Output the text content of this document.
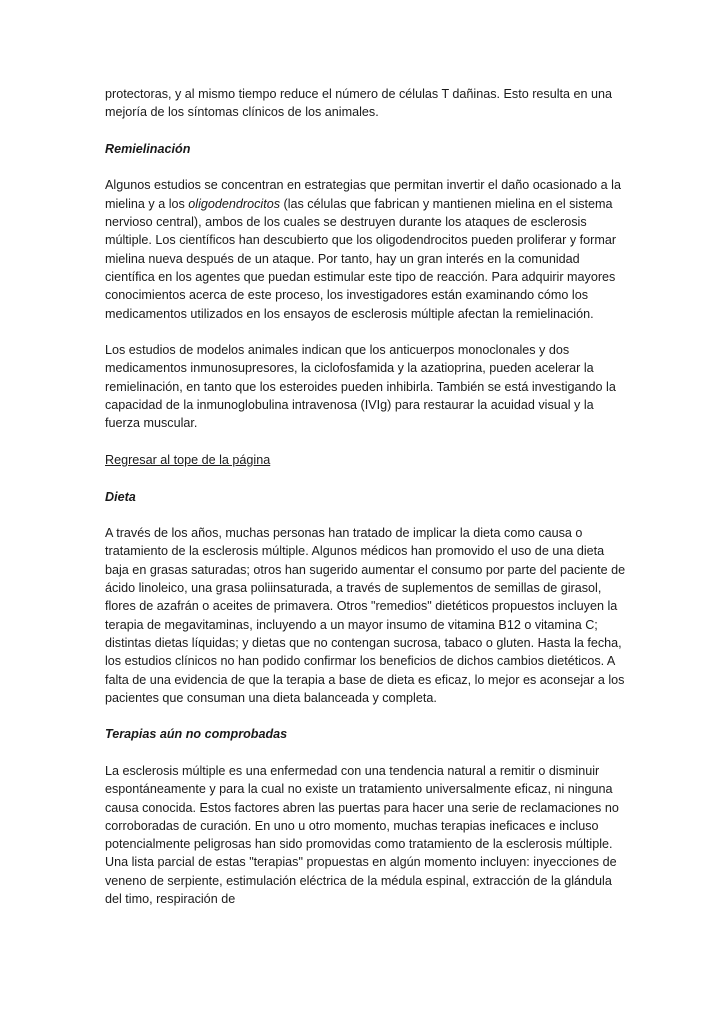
protectoras, y al mismo tiempo reduce el número de células T dañinas. Esto resulta en una mejoría de los síntomas clínicos de los animales.

Remielinación

Algunos estudios se concentran en estrategias que permitan invertir el daño ocasionado a la mielina y a los oligodendrocitos (las células que fabrican y mantienen mielina en el sistema nervioso central), ambos de los cuales se destruyen durante los ataques de esclerosis múltiple. Los científicos han descubierto que los oligodendrocitos pueden proliferar y formar mielina nueva después de un ataque. Por tanto, hay un gran interés en la comunidad científica en los agentes que puedan estimular este tipo de reacción. Para adquirir mayores conocimientos acerca de este proceso, los investigadores están examinando cómo los medicamentos utilizados en los ensayos de esclerosis múltiple afectan la remielinación.

Los estudios de modelos animales indican que los anticuerpos monoclonales y dos medicamentos inmunosupresores, la ciclofosfamida y la azatioprina, pueden acelerar la remielinación, en tanto que los esteroides pueden inhibirla. También se está investigando la capacidad de la inmunoglobulina intravenosa (IVIg) para restaurar la acuidad visual y la fuerza muscular.

Regresar al tope de la página

Dieta

A través de los años, muchas personas han tratado de implicar la dieta como causa o tratamiento de la esclerosis múltiple. Algunos médicos han promovido el uso de una dieta baja en grasas saturadas; otros han sugerido aumentar el consumo por parte del paciente de ácido linoleico, una grasa poliinsaturada, a través de suplementos de semillas de girasol, flores de azafrán o aceites de primavera. Otros "remedios" dietéticos propuestos incluyen la terapia de megavitaminas, incluyendo a un mayor insumo de vitamina B12 o vitamina C; distintas dietas líquidas; y dietas que no contengan sucrosa, tabaco o gluten. Hasta la fecha, los estudios clínicos no han podido confirmar los beneficios de dichos cambios dietéticos. A falta de una evidencia de que la terapia a base de dieta es eficaz, lo mejor es aconsejar a los pacientes que consuman una dieta balanceada y completa.

Terapias aún no comprobadas

La esclerosis múltiple es una enfermedad con una tendencia natural a remitir o disminuir espontáneamente y para la cual no existe un tratamiento universalmente eficaz, ni ninguna causa conocida. Estos factores abren las puertas para hacer una serie de reclamaciones no corroboradas de curación. En uno u otro momento, muchas terapias ineficaces e incluso potencialmente peligrosas han sido promovidas como tratamiento de la esclerosis múltiple. Una lista parcial de estas "terapias" propuestas en algún momento incluyen: inyecciones de veneno de serpiente, estimulación eléctrica de la médula espinal, extracción de la glándula del timo, respiración de
